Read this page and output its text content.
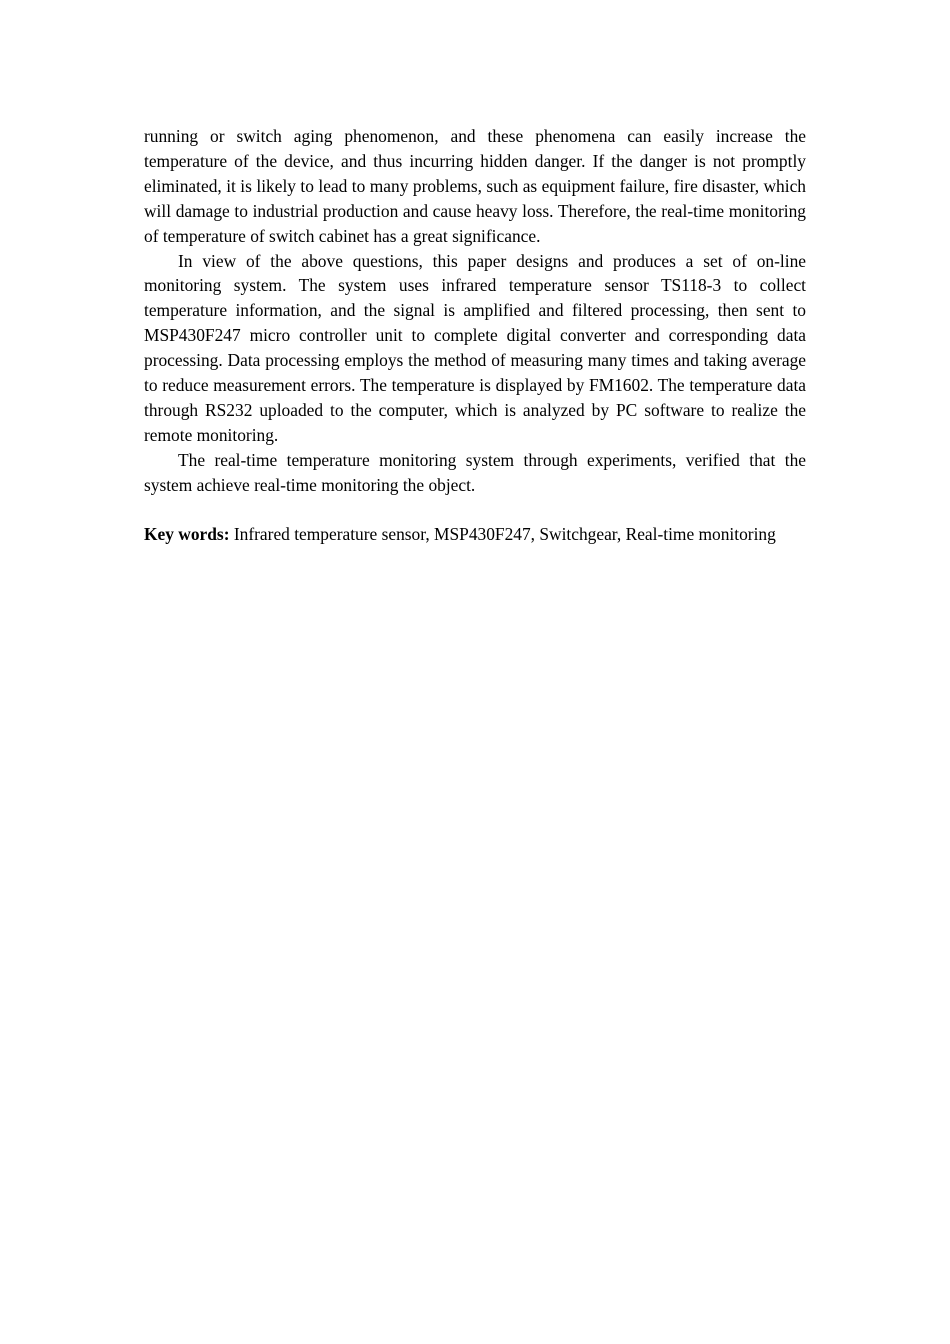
running or switch aging phenomenon, and these phenomena can easily increase the temperature of the device, and thus incurring hidden danger. If the danger is not promptly eliminated, it is likely to lead to many problems, such as equipment failure, fire disaster, which will damage to industrial production and cause heavy loss. Therefore, the real-time monitoring of temperature of switch cabinet has a great significance.

In view of the above questions, this paper designs and produces a set of on-line monitoring system. The system uses infrared temperature sensor TS118-3 to collect temperature information, and the signal is amplified and filtered processing, then sent to MSP430F247 micro controller unit to complete digital converter and corresponding data processing. Data processing employs the method of measuring many times and taking average to reduce measurement errors. The temperature is displayed by FM1602. The temperature data through RS232 uploaded to the computer, which is analyzed by PC software to realize the remote monitoring.

The real-time temperature monitoring system through experiments, verified that the system achieve real-time monitoring the object.

Key words: Infrared temperature sensor, MSP430F247, Switchgear, Real-time monitoring
